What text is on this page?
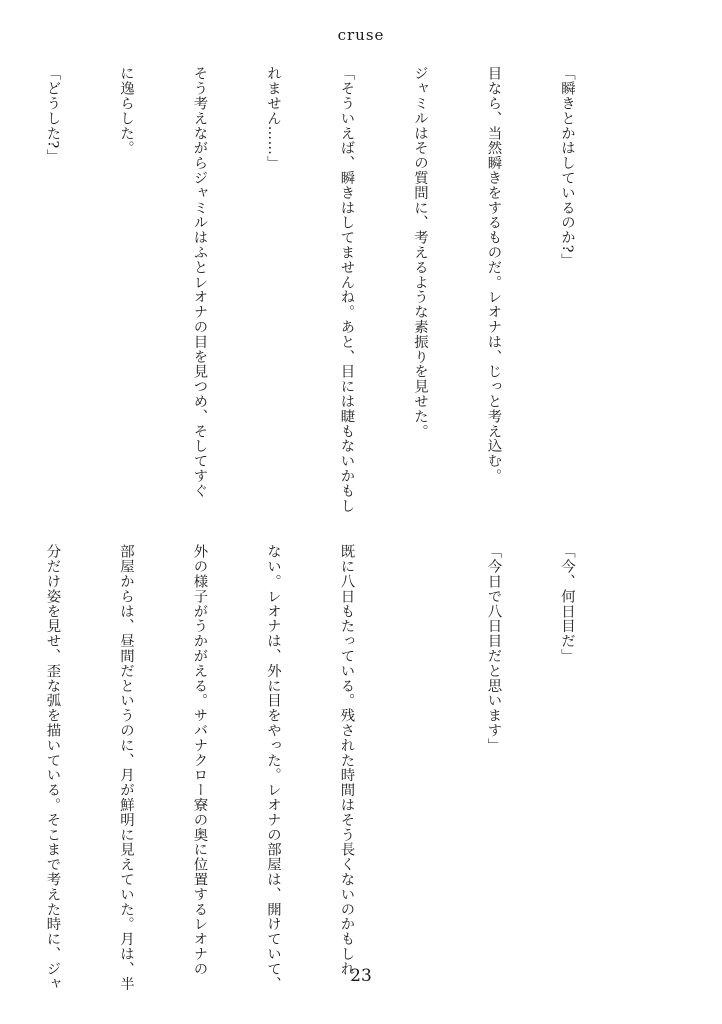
cruse

「瞬きとかはしているのか?」

目なら、当然瞬きをするものだ。レオナは、じっと考え込む。

ジャミルはその質問に、考えるような素振りを見せた。

「そういえば、瞬きはしてませんね。あと、目には睫もないかもし

れません……」

そう考えながらジャミルはふとレオナの目を見つめ、そしてすぐ

に逸らした。

「どうした?」

「今、何日目だ」

「今日で八日目だと思います」

既に八日もたっている。残された時間はそう長くないのかもしれ

ない。レオナは、外に目をやった。レオナの部屋は、開けていて、

外の様子がうかがえる。サバナクロー寮の奥に位置するレオナの

部屋からは、昼間だというのに、月が鮮明に見えていた。月は、半

分だけ姿を見せ、歪な弧を描いている。そこまで考えた時に、ジャ

	23
